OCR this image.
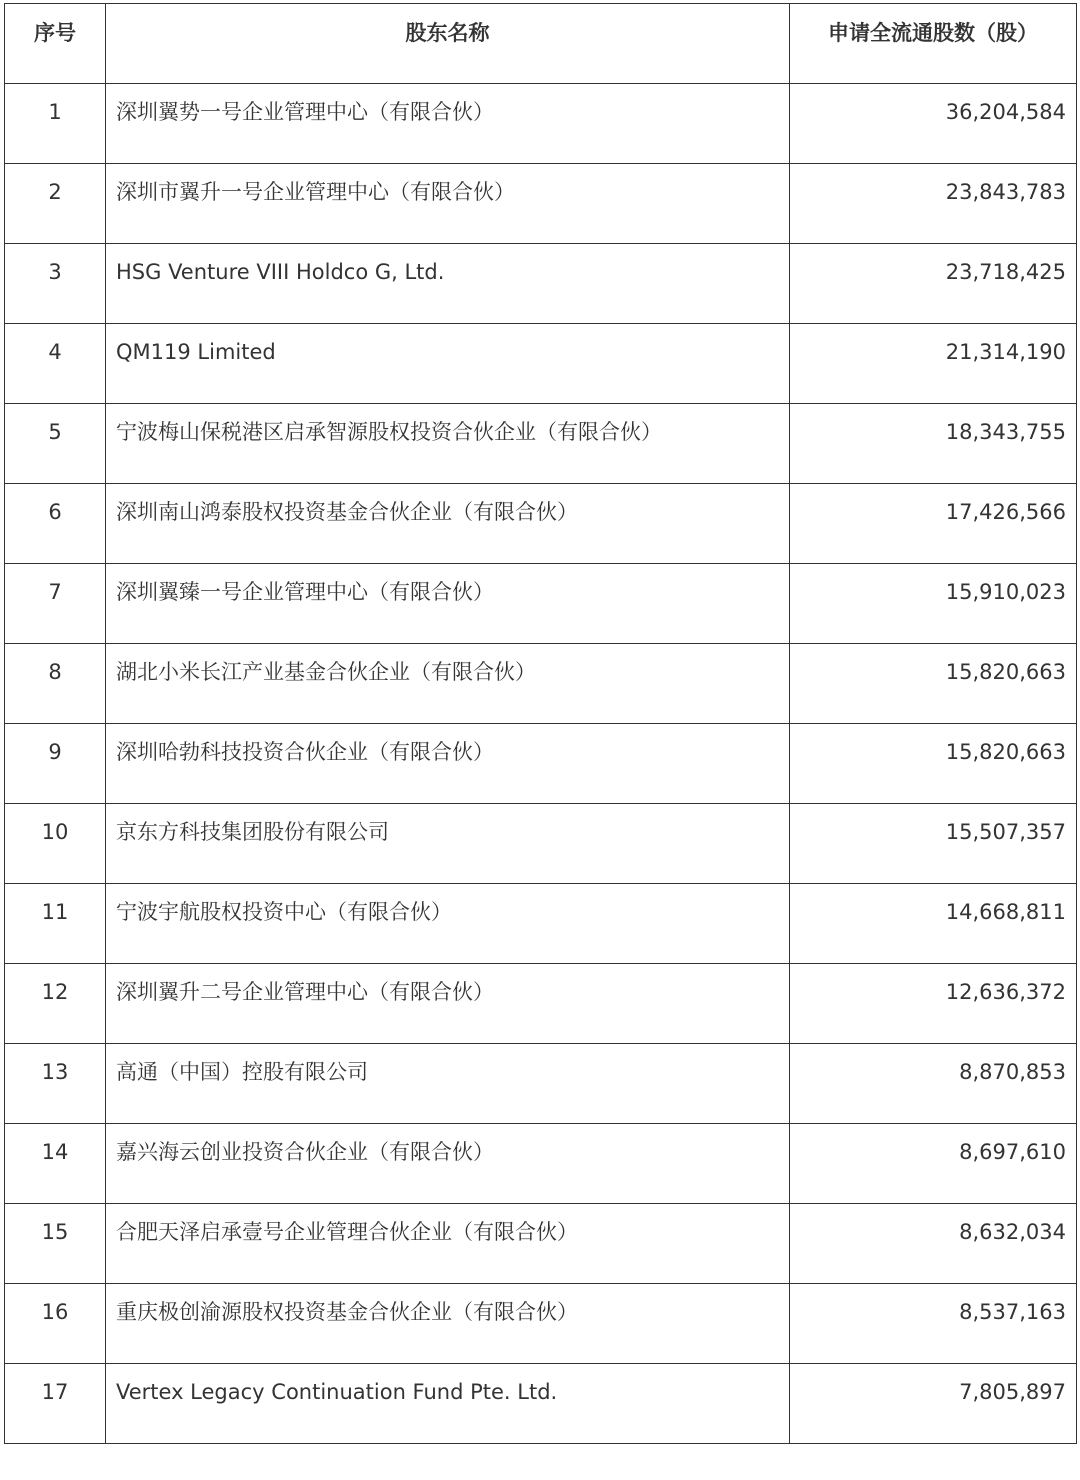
序号	股东名称	申请全流通股数（股）
1	深圳翼势一号企业管理中心（有限合伙）	36,204,584
2	深圳市翼升一号企业管理中心（有限合伙）	23,843,783
3	HSG Venture VIII Holdco G, Ltd.	23,718,425
4	QM119 Limited	21,314,190
5	宁波梅山保税港区启承智源股权投资合伙企业（有限合伙）	18,343,755
6	深圳南山鸿泰股权投资基金合伙企业（有限合伙）	17,426,566
7	深圳翼臻一号企业管理中心（有限合伙）	15,910,023
8	湖北小米长江产业基金合伙企业（有限合伙）	15,820,663
9	深圳哈勃科技投资合伙企业（有限合伙）	15,820,663
10	京东方科技集团股份有限公司	15,507,357
11	宁波宇航股权投资中心（有限合伙）	14,668,811
12	深圳翼升二号企业管理中心（有限合伙）	12,636,372
13	高通（中国）控股有限公司	8,870,853
14	嘉兴海云创业投资合伙企业（有限合伙）	8,697,610
15	合肥天泽启承壹号企业管理合伙企业（有限合伙）	8,632,034
16	重庆极创渝源股权投资基金合伙企业（有限合伙）	8,537,163
17	Vertex Legacy Continuation Fund Pte. Ltd.	7,805,897
